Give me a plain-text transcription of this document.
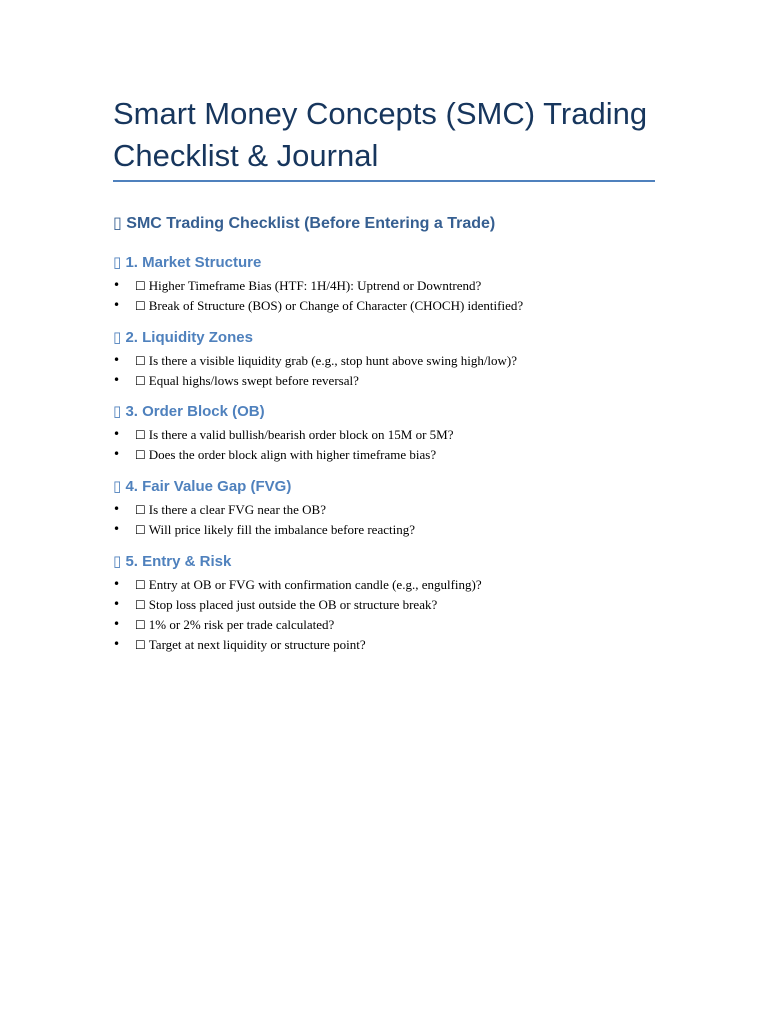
Smart Money Concepts (SMC) Trading Checklist & Journal
▯ SMC Trading Checklist (Before Entering a Trade)
▯ 1. Market Structure
• ☐ Higher Timeframe Bias (HTF: 1H/4H): Uptrend or Downtrend?
• ☐ Break of Structure (BOS) or Change of Character (CHOCH) identified?
▯ 2. Liquidity Zones
• ☐ Is there a visible liquidity grab (e.g., stop hunt above swing high/low)?
• ☐ Equal highs/lows swept before reversal?
▯ 3. Order Block (OB)
• ☐ Is there a valid bullish/bearish order block on 15M or 5M?
• ☐ Does the order block align with higher timeframe bias?
▯ 4. Fair Value Gap (FVG)
• ☐ Is there a clear FVG near the OB?
• ☐ Will price likely fill the imbalance before reacting?
▯ 5. Entry & Risk
• ☐ Entry at OB or FVG with confirmation candle (e.g., engulfing)?
• ☐ Stop loss placed just outside the OB or structure break?
• ☐ 1% or 2% risk per trade calculated?
• ☐ Target at next liquidity or structure point?
